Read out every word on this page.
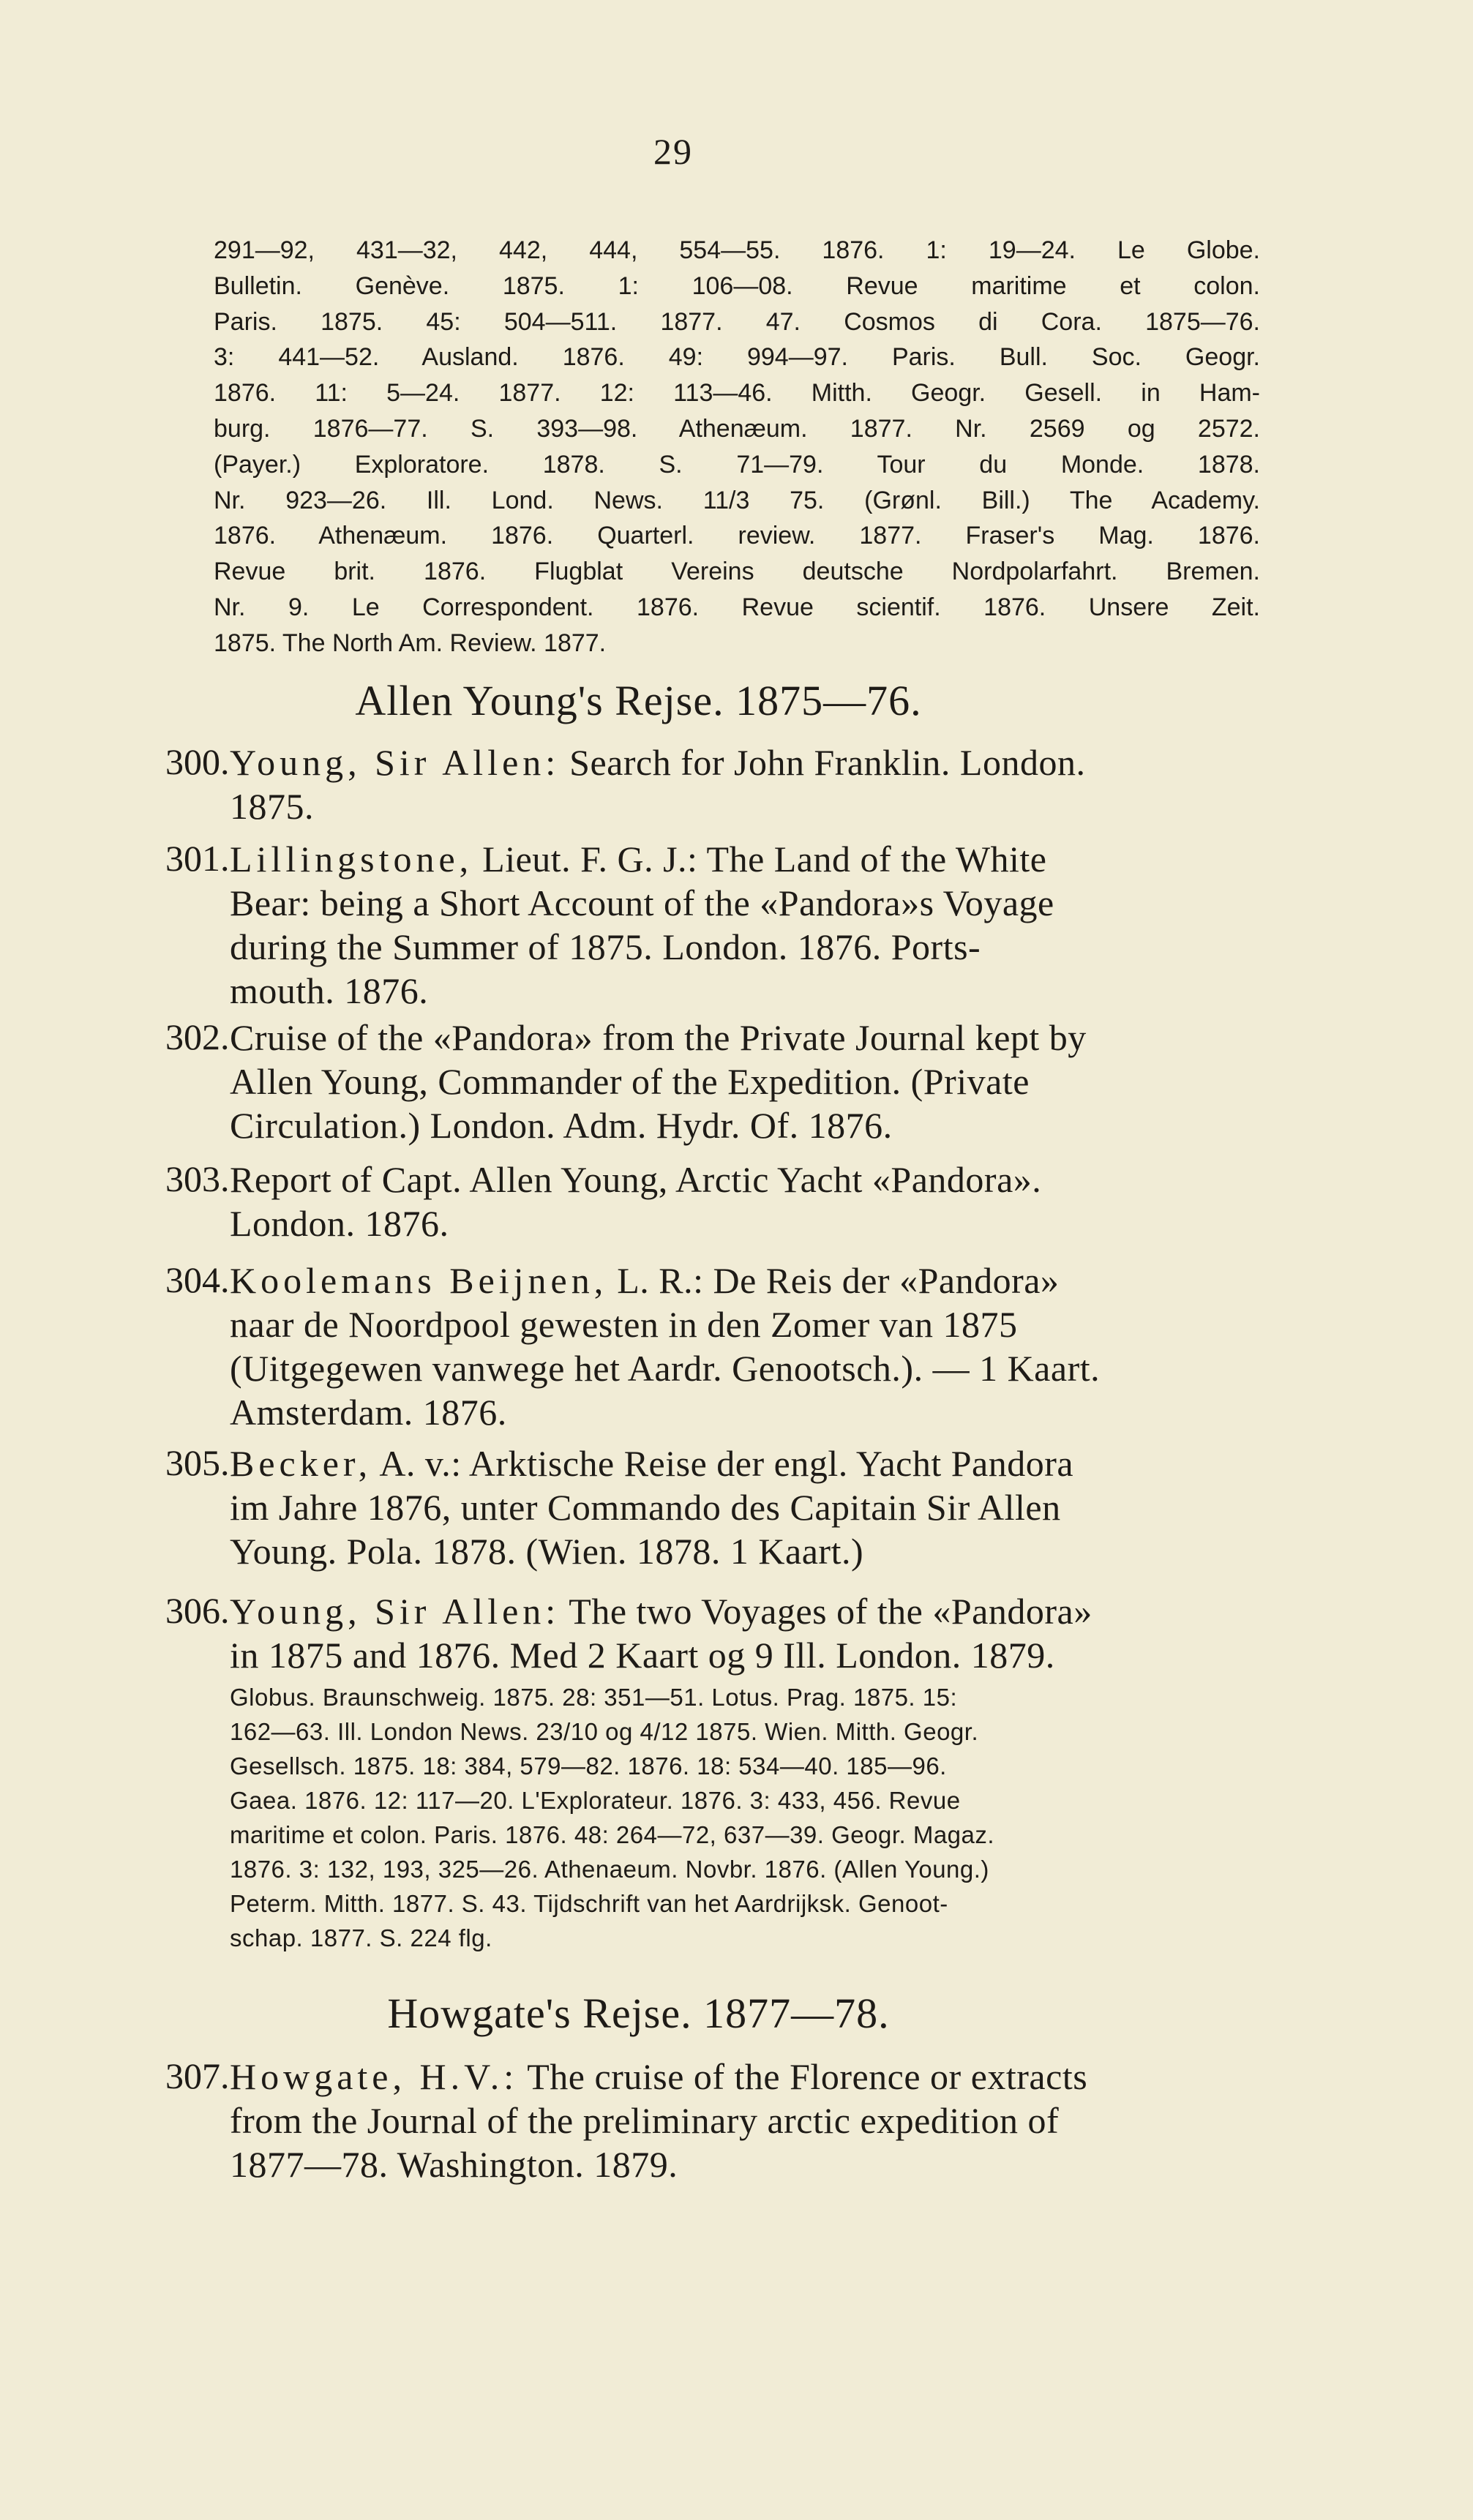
29
291—92, 431—32, 442, 444, 554—55. 1876. 1: 19—24. Le Globe.
Bulletin. Genève. 1875. 1: 106—08. Revue maritime et colon.
Paris. 1875. 45: 504—511. 1877. 47. Cosmos di Cora. 1875—76.
3: 441—52. Ausland. 1876. 49: 994—97. Paris. Bull. Soc. Geogr.
1876. 11: 5—24. 1877. 12: 113—46. Mitth. Geogr. Gesell. in Ham-
burg. 1876—77. S. 393—98. Athenæum. 1877. Nr. 2569 og 2572.
(Payer.) Exploratore. 1878. S. 71—79. Tour du Monde. 1878.
Nr. 923—26. Ill. Lond. News. 11/3 75. (Grønl. Bill.) The Academy.
1876. Athenæum. 1876. Quarterl. review. 1877. Fraser's Mag. 1876.
Revue brit. 1876. Flugblat Vereins deutsche Nordpolarfahrt. Bremen.
Nr. 9. Le Correspondent. 1876. Revue scientif. 1876. Unsere Zeit.
1875. The North Am. Review. 1877.
Allen Young's Rejse. 1875—76.
300. Young, Sir Allen: Search for John Franklin. London.
1875.
301. Lillingstone, Lieut. F. G. J.: The Land of the White
Bear: being a Short Account of the «Pandora»s Voyage
during the Summer of 1875. London. 1876. Ports-
mouth. 1876.
302. Cruise of the «Pandora» from the Private Journal kept by
Allen Young, Commander of the Expedition. (Private
Circulation.) London. Adm. Hydr. Of. 1876.
303. Report of Capt. Allen Young, Arctic Yacht «Pandora».
London. 1876.
304. Koolemans Beijnen, L. R.: De Reis der «Pandora»
naar de Noordpool gewesten in den Zomer van 1875
(Uitgegewen vanwege het Aardr. Genootsch.). — 1 Kaart.
Amsterdam. 1876.
305. Becker, A. v.: Arktische Reise der engl. Yacht Pandora
im Jahre 1876, unter Commando des Capitain Sir Allen
Young. Pola. 1878. (Wien. 1878. 1 Kaart.)
306. Young, Sir Allen: The two Voyages of the «Pandora»
in 1875 and 1876. Med 2 Kaart og 9 Ill. London. 1879.
Globus. Braunschweig. 1875. 28: 351—51. Lotus. Prag. 1875. 15:
162—63. Ill. London News. 23/10 og 4/12 1875. Wien. Mitth. Geogr.
Gesellsch. 1875. 18: 384, 579—82. 1876. 18: 534—40. 185—96.
Gaea. 1876. 12: 117—20. L'Explorateur. 1876. 3: 433, 456. Revue
maritime et colon. Paris. 1876. 48: 264—72, 637—39. Geogr. Magaz.
1876. 3: 132, 193, 325—26. Athenaeum. Novbr. 1876. (Allen Young.)
Peterm. Mitth. 1877. S. 43. Tijdschrift van het Aardrijksk. Genoot-
schap. 1877. S. 224 flg.
Howgate's Rejse. 1877—78.
307. Howgate, H.V.: The cruise of the Florence or extracts
from the Journal of the preliminary arctic expedition of
1877—78. Washington. 1879.
